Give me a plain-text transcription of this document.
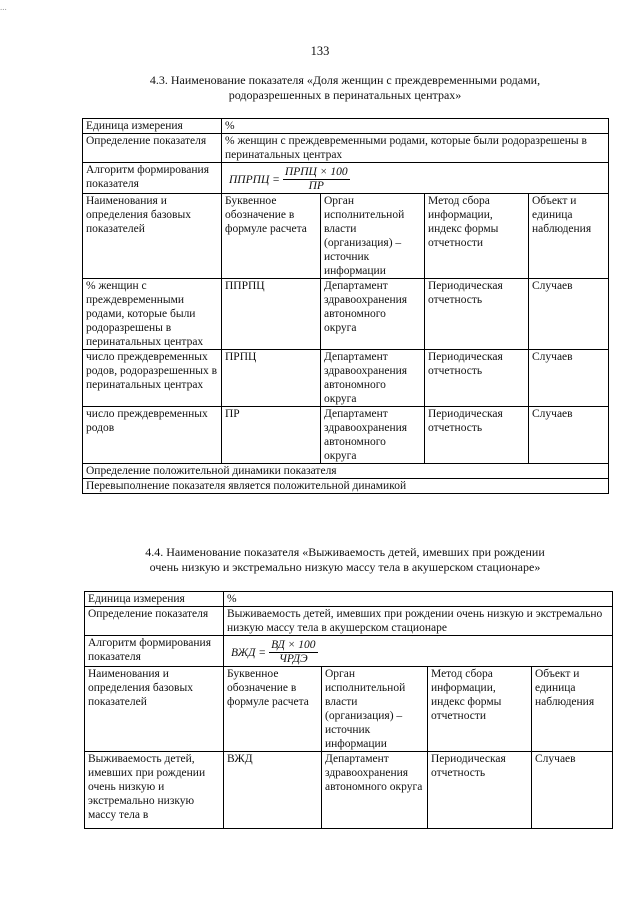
...
133
4.3. Наименование показателя «Доля женщин с преждевременными родами,
родоразрешенных в перинатальных центрах»
Единица измерения	%			
Определение показателя	% женщин с преждевременными родами, которые были родоразрешены в перинатальных центрах			
Алгоритм формирования показателя	ППРПЦ = $\frac{\text{ПРПЦ × 100}}{ПР}$

Наименования и определения базовых показателей	Буквенное обозначение в формуле расчета	Орган исполнительной власти (организация) – источник информации	Метод сбора информации, индекс формы отчетности	Объект и единица наблюдения
% женщин с преждевременными родами, которые были родоразрешены в перинатальных центрах	ППРПЦ	Департамент здравоохранения автономного округа	Периодическая отчетность	Случаев
число преждевременных родов, родоразрешенных в перинатальных центрах	ПРПЦ	Департамент здравоохранения автономного округа	Периодическая отчетность	Случаев
число преждевременных родов	ПР	Департамент здравоохранения автономного округа	Периодическая отчетность	Случаев
Определение положительной динамики показателя				
Перевыполнение показателя является положительной динамикой				
4.4. Наименование показателя «Выживаемость детей, имевших при рождении
очень низкую и экстремально низкую массу тела в акушерском стационаре»
Единица измерения	%			
Определение показателя	Выживаемость детей, имевших при рождении очень низкую и экстремально низкую массу тела в акушерском стационаре			
Алгоритм формирования показателя	ВЖД = $\frac{ВД \times 100}{\text{ЧРДЭ}}$

Наименования и определения базовых показателей	Буквенное обозначение в формуле расчета	Орган исполнительной власти (организация) – источник информации	Метод сбора информации, индекс формы отчетности	Объект и единица наблюдения
Выживаемость детей, имевших при рождении очень низкую и экстремально низкую массу тела в	ВЖД	Департамент здравоохранения автономного округа	Периодическая отчетность	Случаев
